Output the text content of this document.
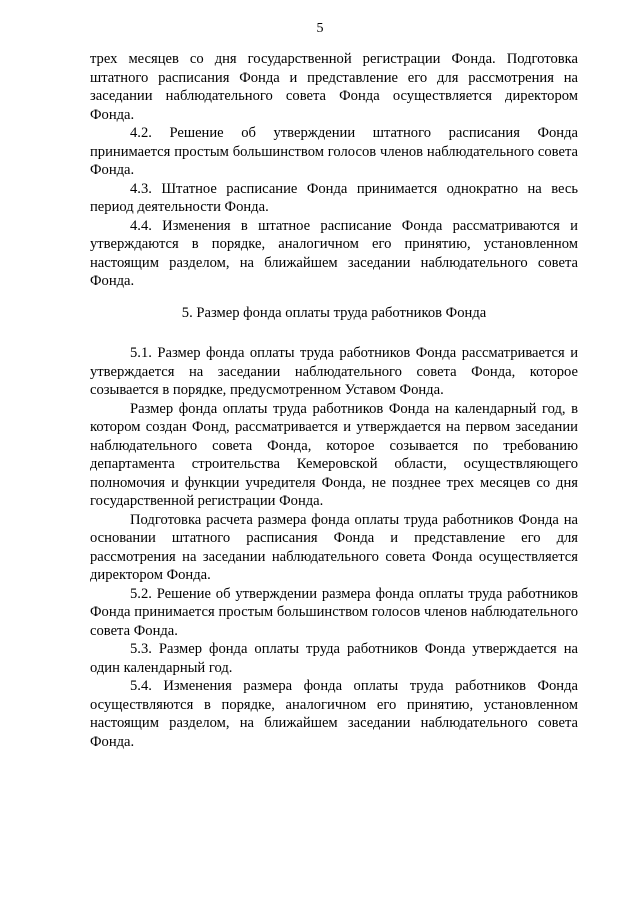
5

трех месяцев со дня государственной регистрации Фонда. Подготовка штатного расписания Фонда и представление его для рассмотрения на заседании наблюдательного совета Фонда осуществляется директором Фонда.

4.2. Решение об утверждении штатного расписания Фонда принимается простым большинством голосов членов наблюдательного совета Фонда.

4.3. Штатное расписание Фонда принимается однократно на весь период деятельности Фонда.

4.4. Изменения в штатное расписание Фонда рассматриваются и утверждаются в порядке, аналогичном его принятию, установленном настоящим разделом, на ближайшем заседании наблюдательного совета Фонда.

5. Размер фонда оплаты труда работников Фонда

5.1. Размер фонда оплаты труда работников Фонда рассматривается и утверждается на заседании наблюдательного совета Фонда, которое созывается в порядке, предусмотренном Уставом Фонда.

Размер фонда оплаты труда работников Фонда на календарный год, в котором создан Фонд, рассматривается и утверждается на первом заседании наблюдательного совета Фонда, которое созывается по требованию департамента строительства Кемеровской области, осуществляющего полномочия и функции учредителя Фонда, не позднее трех месяцев со дня государственной регистрации Фонда.

Подготовка расчета размера фонда оплаты труда работников Фонда на основании штатного расписания Фонда и представление его для рассмотрения на заседании наблюдательного совета Фонда осуществляется директором Фонда.

5.2. Решение об утверждении размера фонда оплаты труда работников Фонда принимается простым большинством голосов членов наблюдательного совета Фонда.

5.3. Размер фонда оплаты труда работников Фонда утверждается на один календарный год.

5.4. Изменения размера фонда оплаты труда работников Фонда осуществляются в порядке, аналогичном его принятию, установленном настоящим разделом, на ближайшем заседании наблюдательного совета Фонда.
